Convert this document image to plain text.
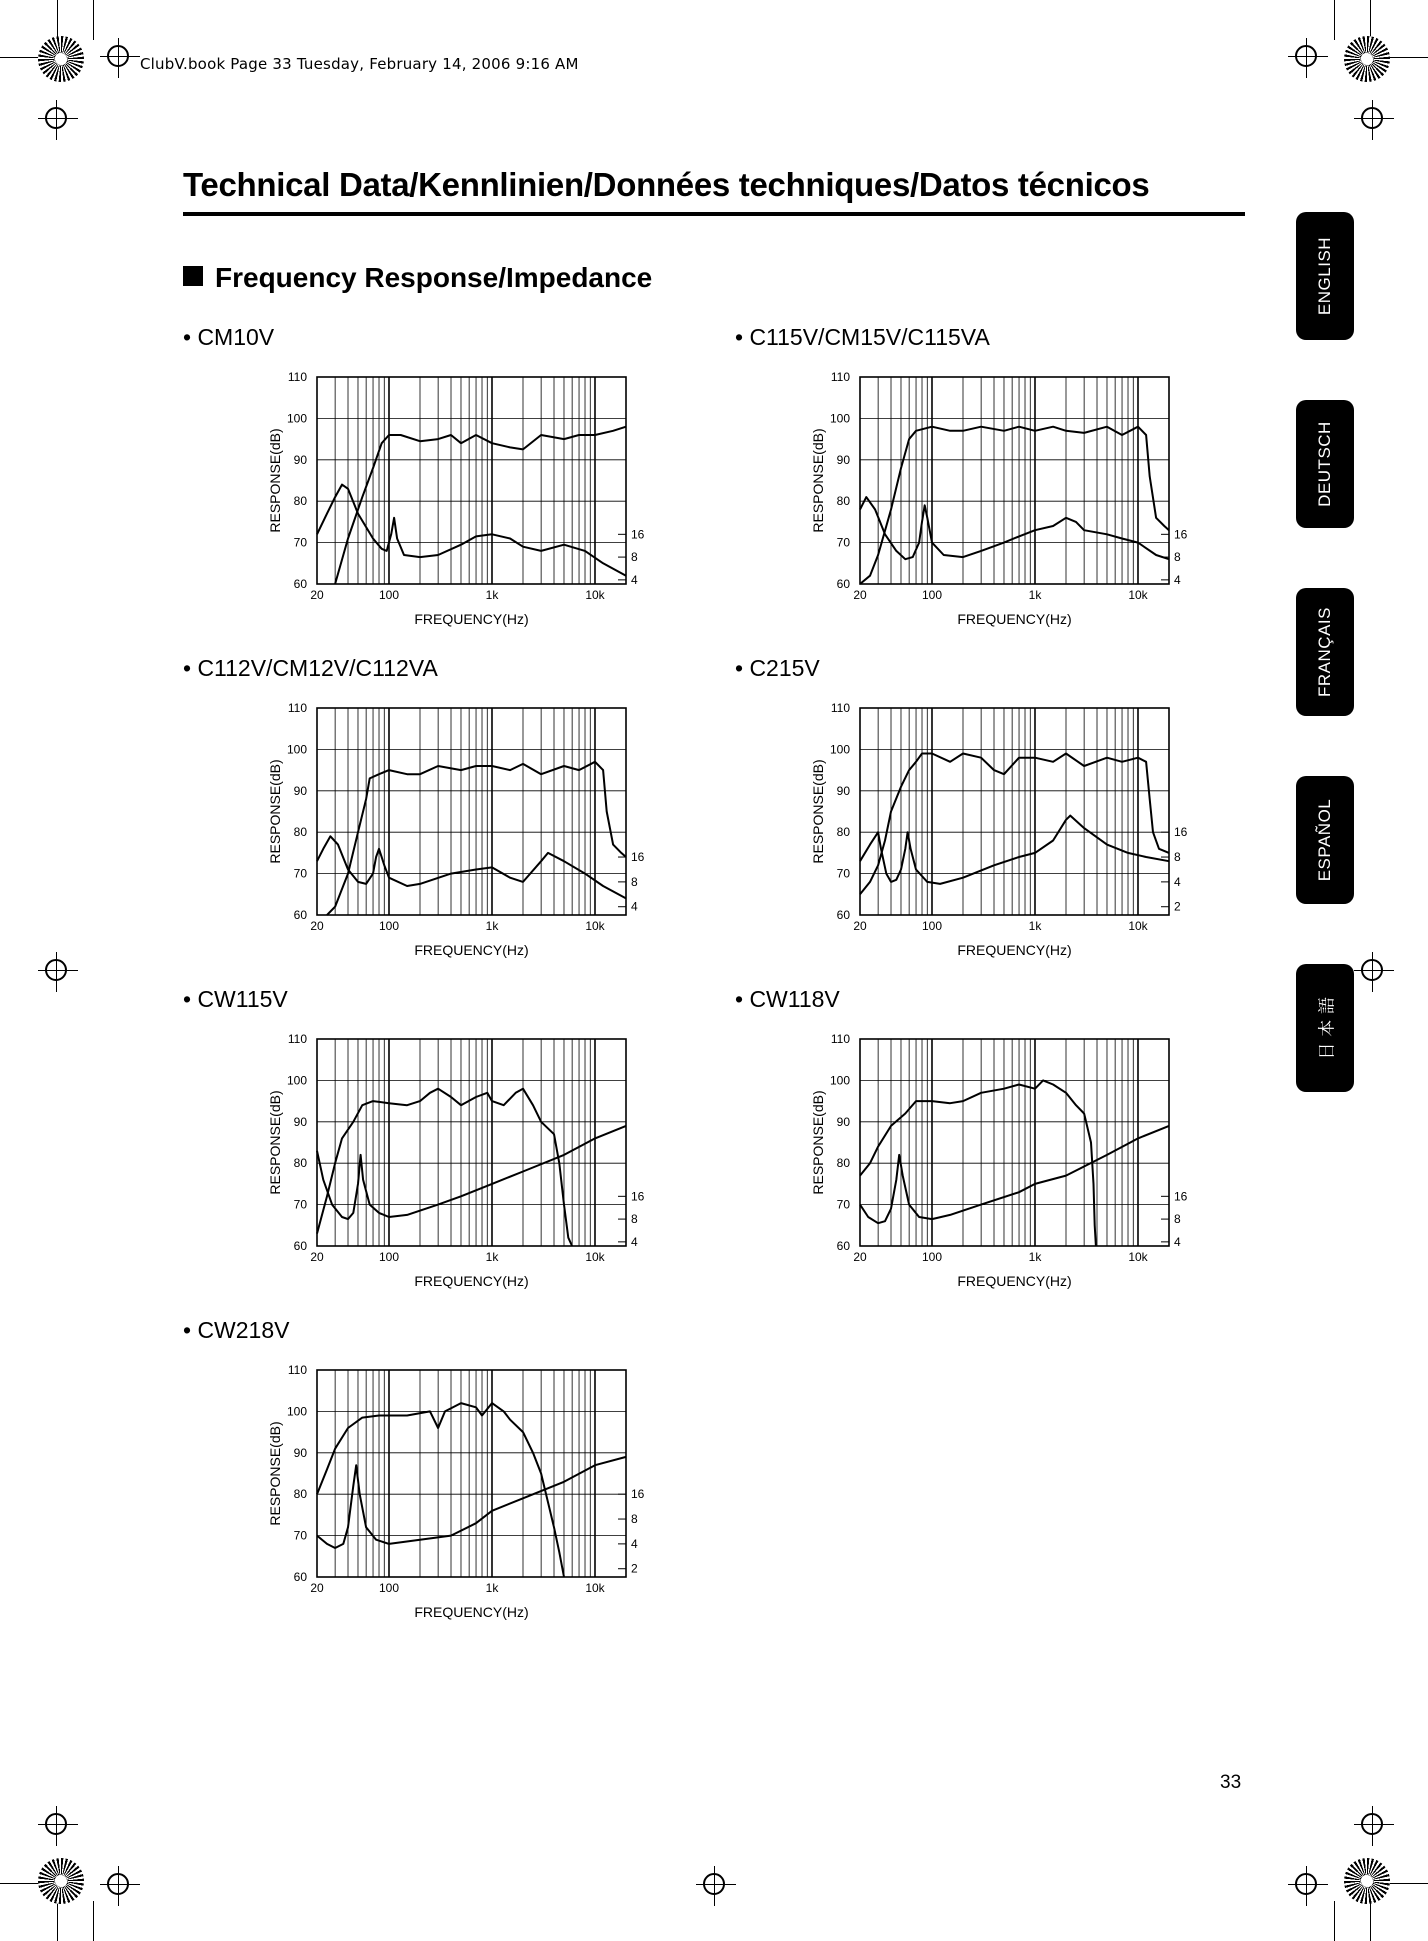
ClubV.book Page 33 Tuesday, February 14, 2006 9:16 AM
Technical Data/Kennlinien/Données techniques/Datos técnicos
Frequency Response/Impedance	ENGLISH
DEUTSCH
FRANÇAIS
ESPAÑOL
日 本 語
• CM10V	• C115V/CM15V/C115VA
• C112V/CM12V/C112VA	• C215V
• CW115V	• CW118V
• CW218V
60
70
80
90
100
110
20	100	1k	10k
16
8
4
FREQUENCY(Hz)
RESPONSE(dB)
60
70
80
90
100
110
20	100	1k	10k
16
8
4
FREQUENCY(Hz)
RESPONSE(dB)
60
70
80
90
100
110
20	100	1k	10k
16
8
4
FREQUENCY(Hz)
RESPONSE(dB)
60
70
80
90
100
110
20	100	1k	10k
16
8
4
2
FREQUENCY(Hz)
RESPONSE(dB)
60
70
80
90
100
110
20	100	1k	10k
16
8
4
FREQUENCY(Hz)
RESPONSE(dB)
60
70
80
90
100
110
20	100	1k	10k
16
8
4
FREQUENCY(Hz)
RESPONSE(dB)
60
70
80
90
100
110
20	100	1k	10k
16
8
4
2
FREQUENCY(Hz)
RESPONSE(dB)
33
